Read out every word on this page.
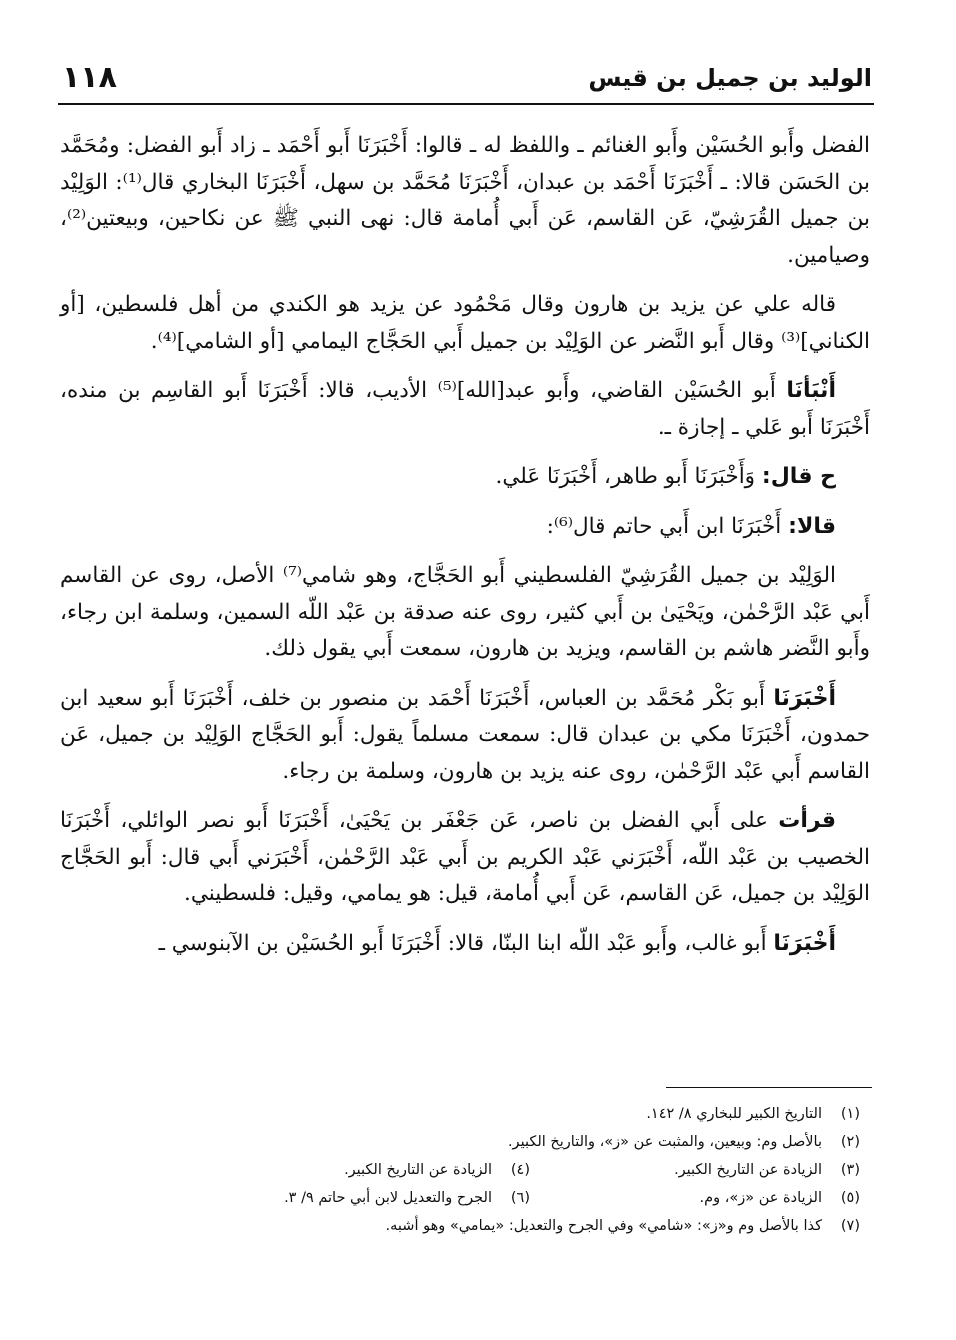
١١٨	الوليد بن جميل بن قيس

الفضل وأَبو الحُسَيْن وأَبو الغنائم ـ واللفظ له ـ قالوا: أَخْبَرَنَا أَبو أَحْمَد ـ زاد أَبو الفضل: ومُحَمَّد بن الحَسَن قالا: ـ أَخْبَرَنَا أَحْمَد بن عبدان، أَخْبَرَنَا مُحَمَّد بن سهل، أَخْبَرَنَا البخاري قال⁽¹⁾: الوَلِيْد بن جميل القُرَشِيّ، عَن القاسم، عَن أَبي أُمامة قال: نهى النبي ﷺ عن نكاحين، وبيعتين⁽²⁾، وصيامين.

قاله علي عن يزيد بن هارون وقال مَحْمُود عن يزيد هو الكندي من أهل فلسطين، [أو الكناني]⁽³⁾ وقال أَبو النَّضر عن الوَلِيْد بن جميل أَبي الحَجَّاج اليمامي [أو الشامي]⁽⁴⁾.

أَنْبَأنَا أَبو الحُسَيْن القاضي، وأَبو عبد[الله]⁽⁵⁾ الأديب، قالا: أَخْبَرَنَا أَبو القاسِم بن منده، أَخْبَرَنَا أَبو عَلي ـ إجازة ـ.

ح قال: وَأَخْبَرَنَا أَبو طاهر، أَخْبَرَنَا عَلي.

قالا: أَخْبَرَنَا ابن أَبي حاتم قال⁽⁶⁾:

الوَلِيْد بن جميل القُرَشِيّ الفلسطيني أَبو الحَجَّاج، وهو شامي⁽⁷⁾ الأصل، روى عن القاسم أَبي عَبْد الرَّحْمٰن، ويَحْيَىٰ بن أَبي كثير، روى عنه صدقة بن عَبْد اللّه السمين، وسلمة ابن رجاء، وأَبو النَّضر هاشم بن القاسم، ويزيد بن هارون، سمعت أَبي يقول ذلك.

أَخْبَرَنَا أَبو بَكْر مُحَمَّد بن العباس، أَخْبَرَنَا أَحْمَد بن منصور بن خلف، أَخْبَرَنَا أَبو سعيد ابن حمدون، أَخْبَرَنَا مكي بن عبدان قال: سمعت مسلماً يقول: أَبو الحَجَّاج الوَلِيْد بن جميل، عَن القاسم أَبي عَبْد الرَّحْمٰن، روى عنه يزيد بن هارون، وسلمة بن رجاء.

قرأت على أَبي الفضل بن ناصر، عَن جَعْفَر بن يَحْيَىٰ، أَخْبَرَنَا أَبو نصر الوائلي، أَخْبَرَنَا الخصيب بن عَبْد اللّه، أَخْبَرَني عَبْد الكريم بن أَبي عَبْد الرَّحْمٰن، أَخْبَرَني أَبي قال: أَبو الحَجَّاج الوَلِيْد بن جميل، عَن القاسم، عَن أَبي أُمامة، قيل: هو يمامي، وقيل: فلسطيني.

أَخْبَرَنَا أَبو غالب، وأَبو عَبْد اللّه ابنا البنّا، قالا: أَخْبَرَنَا أَبو الحُسَيْن بن الآبنوسي ـ

(١)
التاريخ الكبير للبخاري ٨/ ١٤٢.
(٢)
بالأصل وم: وبيعين، والمثبت عن «ز»، والتاريخ الكبير.
(٣)
الزيادة عن التاريخ الكبير.
(٤)
الزيادة عن التاريخ الكبير.
(٥)
الزيادة عن «ز»، وم.
(٦)
الجرح والتعديل لابن أبي حاتم ٩/ ٣.
(٧)
كذا بالأصل وم و«ز»: «شامي» وفي الجرح والتعديل: «يمامي» وهو أشبه.
